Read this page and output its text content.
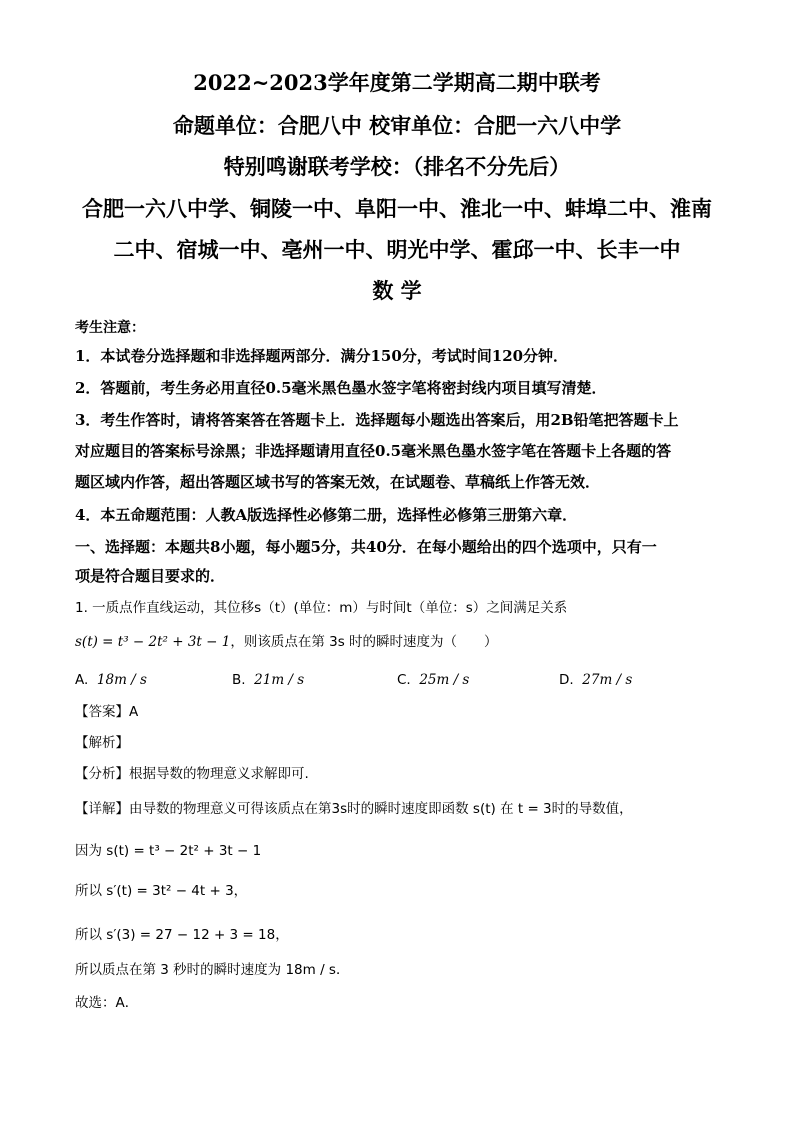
2022~2023学年度第二学期高二期中联考
命题单位：合肥八中 校审单位：合肥一六八中学
特别鸣谢联考学校：（排名不分先后）
合肥一六八中学、铜陵一中、阜阳一中、淮北一中、蚌埠二中、淮南
二中、宿城一中、亳州一中、明光中学、霍邱一中、长丰一中
数 学
考生注意：
1．本试卷分选择题和非选择题两部分．满分150分，考试时间120分钟．
2．答题前，考生务必用直径0.5毫米黑色墨水签字笔将密封线内项目填写清楚．
3．考生作答时，请将答案答在答题卡上．选择题每小题选出答案后，用2B铅笔把答题卡上
对应题目的答案标号涂黑；非选择题请用直径0.5毫米黑色墨水签字笔在答题卡上各题的答
题区域内作答，超出答题区域书写的答案无效，在试题卷、草稿纸上作答无效．
4．本五命题范围：人教A版选择性必修第二册，选择性必修第三册第六章．
一、选择题：本题共8小题，每小题5分，共40分．在每小题给出的四个选项中，只有一
项是符合题目要求的．
1. 一质点作直线运动，其位移s（t）(单位：m）与时间t（单位：s）之间满足关系
s(t) = t³ − 2t² + 3t − 1，则该质点在第 3s 时的瞬时速度为（　　）
A. 18m / s	B. 21m / s	C. 25m / s	D. 27m / s
【答案】A
【解析】
【分析】根据导数的物理意义求解即可.
【详解】由导数的物理意义可得该质点在第3s时的瞬时速度即函数 s(t) 在 t = 3时的导数值，
因为 s(t) = t³ − 2t² + 3t − 1
所以 s′(t) = 3t² − 4t + 3，
所以 s′(3) = 27 − 12 + 3 = 18，
所以质点在第 3 秒时的瞬时速度为 18m / s．
故选：A．
